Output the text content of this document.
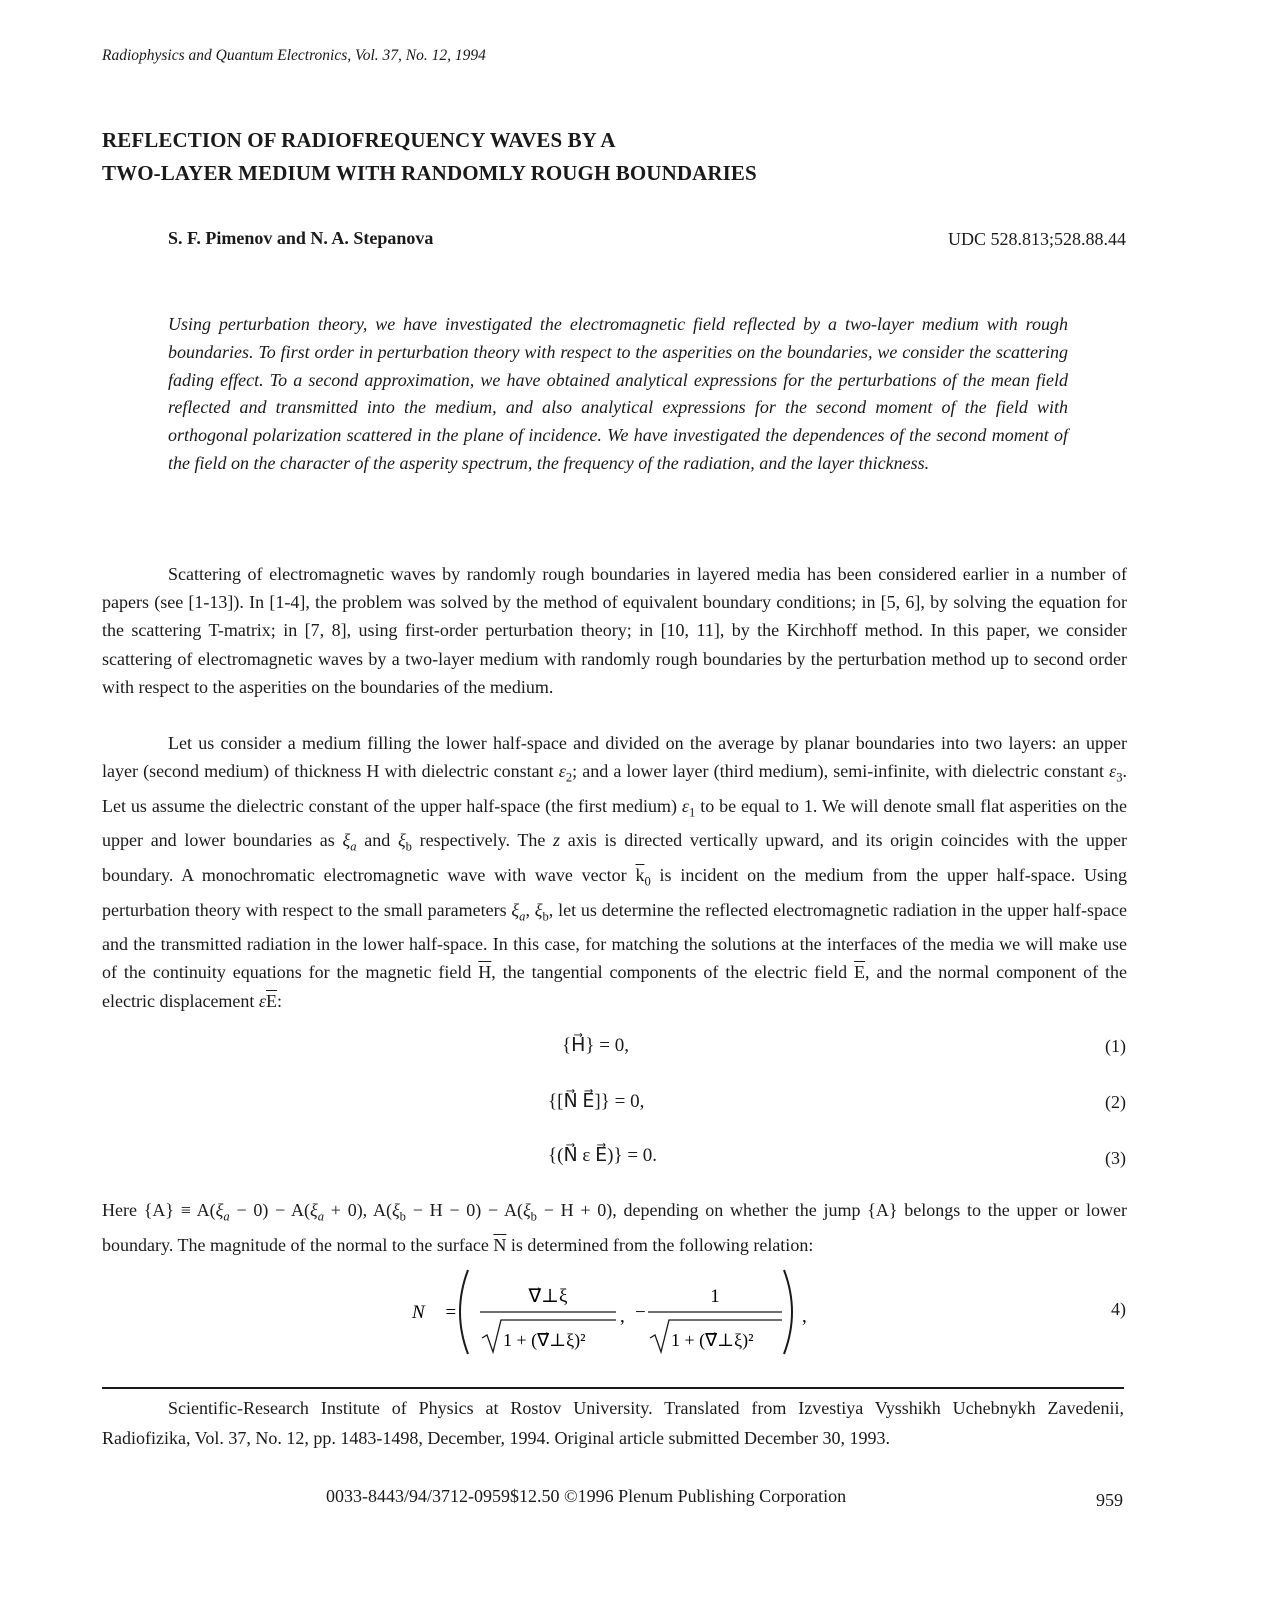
Radiophysics and Quantum Electronics, Vol. 37, No. 12, 1994
REFLECTION OF RADIOFREQUENCY WAVES BY A
TWO-LAYER MEDIUM WITH RANDOMLY ROUGH BOUNDARIES
S. F. Pimenov and N. A. Stepanova	UDC 528.813;528.88.44
Using perturbation theory, we have investigated the electromagnetic field reflected by a two-layer medium with rough boundaries. To first order in perturbation theory with respect to the asperities on the boundaries, we consider the scattering fading effect. To a second approximation, we have obtained analytical expressions for the perturbations of the mean field reflected and transmitted into the medium, and also analytical expressions for the second moment of the field with orthogonal polarization scattered in the plane of incidence. We have investigated the dependences of the second moment of the field on the character of the asperity spectrum, the frequency of the radiation, and the layer thickness.
Scattering of electromagnetic waves by randomly rough boundaries in layered media has been considered earlier in a number of papers (see [1-13]). In [1-4], the problem was solved by the method of equivalent boundary conditions; in [5, 6], by solving the equation for the scattering T-matrix; in [7, 8], using first-order perturbation theory; in [10, 11], by the Kirchhoff method. In this paper, we consider scattering of electromagnetic waves by a two-layer medium with randomly rough boundaries by the perturbation method up to second order with respect to the asperities on the boundaries of the medium.
Let us consider a medium filling the lower half-space and divided on the average by planar boundaries into two layers: an upper layer (second medium) of thickness H with dielectric constant $\varepsilon_2$; and a lower layer (third medium), semi-infinite, with dielectric constant $\varepsilon_3$. Let us assume the dielectric constant of the upper half-space (the first medium) $\varepsilon_1$ to be equal to 1. We will denote small flat asperities on the upper and lower boundaries as $\xi_a$ and $\xi_b$ respectively. The z axis is directed vertically upward, and its origin coincides with the upper boundary. A monochromatic electromagnetic wave with wave vector $\overline{k}_0$ is incident on the medium from the upper half-space. Using perturbation theory with respect to the small parameters $\xi_a$, $\xi_b$, let us determine the reflected electromagnetic radiation in the upper half-space and the transmitted radiation in the lower half-space. In this case, for matching the solutions at the interfaces of the media we will make use of the continuity equations for the magnetic field $\overline{H}$, the tangential components of the electric field $\overline{E}$, and the normal component of the electric displacement $\varepsilon\overline{E}$:
{H⃗} = 0,	(1)
{[N⃗ E⃗]} = 0,	(2)
{(N⃗ ε E⃗)} = 0.	(3)
Here $\{A\} \equiv A(\xi_a - 0) - A(\xi_a + 0)$, $A(\xi_b - H - 0) - A(\xi_b - H + 0)$, depending on whether the jump {A} belongs to the upper or lower boundary. The magnitude of the normal to the surface $\overline{N}$ is determined from the following relation:
N⃗ =
∇⃗⊥ξ
1 + (∇⃗⊥ξ)²
, −
1
1 + (∇⃗⊥ξ)²
,	4)
Scientific-Research Institute of Physics at Rostov University. Translated from Izvestiya Vysshikh Uchebnykh Zavedenii, Radiofizika, Vol. 37, No. 12, pp. 1483-1498, December, 1994. Original article submitted December 30, 1993.
0033-8443/94/3712-0959$12.50 ©1996 Plenum Publishing Corporation	959
